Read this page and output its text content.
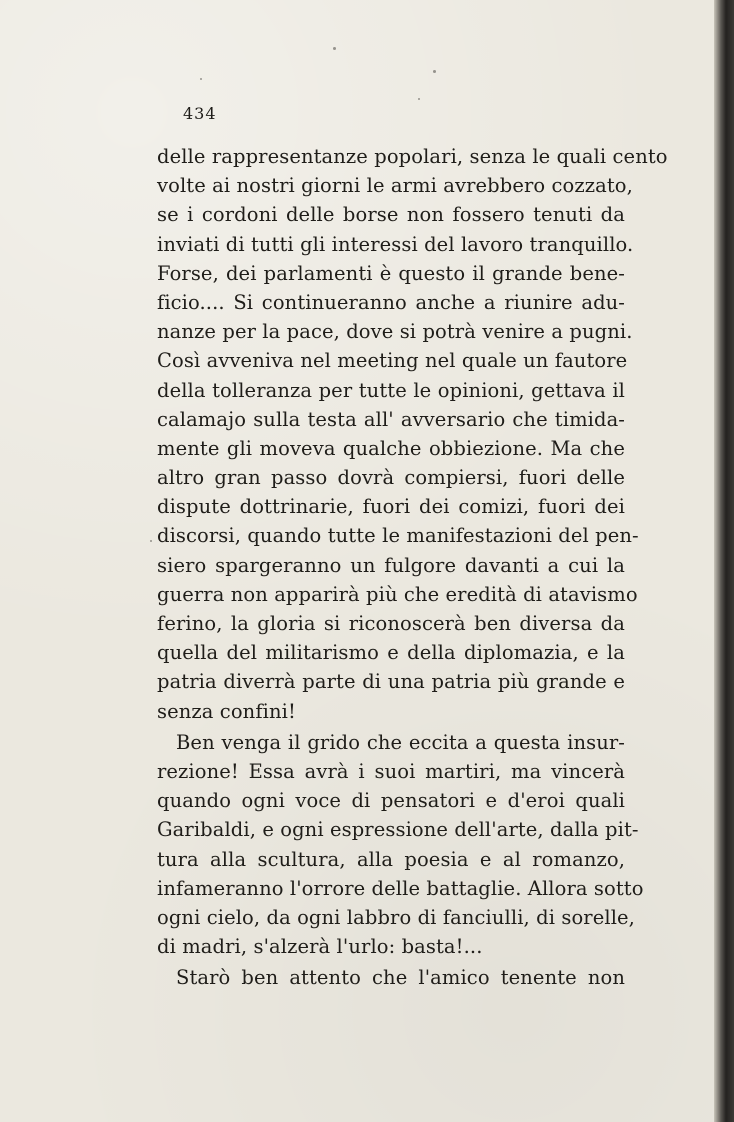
434
delle rappresentanze popolari, senza le quali cento
volte ai nostri giorni le armi avrebbero cozzato,
se i cordoni delle borse non fossero tenuti da
inviati di tutti gli interessi del lavoro tranquillo.
Forse, dei parlamenti è questo il grande bene-
ficio.... Si continueranno anche a riunire adu-
nanze per la pace, dove si potrà venire a pugni.
Così avveniva nel meeting nel quale un fautore
della tolleranza per tutte le opinioni, gettava il
calamajo sulla testa all' avversario che timida-
mente gli moveva qualche obbiezione. Ma che
altro gran passo dovrà compiersi, fuori delle
dispute dottrinarie, fuori dei comizi, fuori dei
discorsi, quando tutte le manifestazioni del pen-
siero spargeranno un fulgore davanti a cui la
guerra non apparirà più che eredità di atavismo
ferino, la gloria si riconoscerà ben diversa da
quella del militarismo e della diplomazia, e la
patria diverrà parte di una patria più grande e
senza confini!
Ben venga il grido che eccita a questa insur-
rezione! Essa avrà i suoi martiri, ma vincerà
quando ogni voce di pensatori e d'eroi quali
Garibaldi, e ogni espressione dell'arte, dalla pit-
tura alla scultura, alla poesia e al romanzo,
infameranno l'orrore delle battaglie. Allora sotto
ogni cielo, da ogni labbro di fanciulli, di sorelle,
di madri, s'alzerà l'urlo: basta!...
Starò ben attento che l'amico tenente non
